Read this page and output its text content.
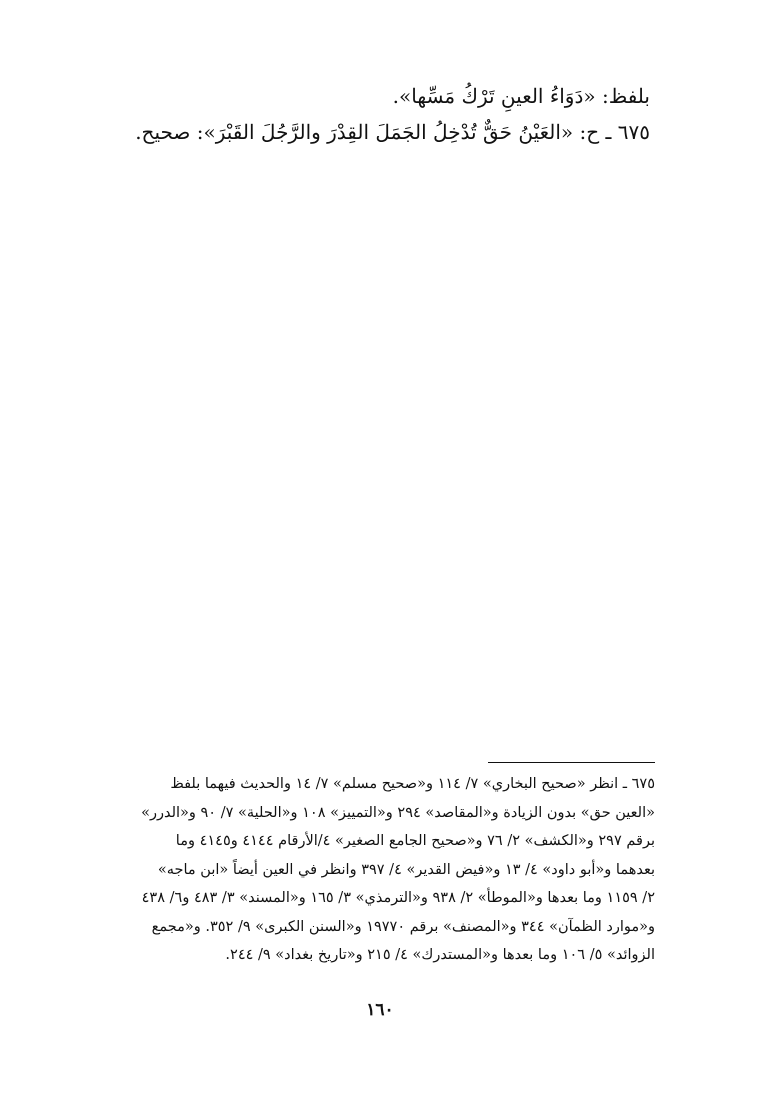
بلفظ: «دَوَاءُ العينِ تَرْكُ مَسِّها».
٦٧٥ ـ ح: «العَيْنُ حَقٌّ تُدْخِلُ الجَمَلَ القِدْرَ والرَّجُلَ القَبْرَ»: صحيح.
٦٧٥ ـ انظر «صحيح البخاري» ٧/ ١١٤ و«صحيح مسلم» ٧/ ١٤ والحديث فيهما بلفظ
«العين حق» بدون الزيادة و«المقاصد» ٢٩٤ و«التمييز» ١٠٨ و«الحلية» ٧/ ٩٠ و«الدرر»
برقم ٢٩٧ و«الكشف» ٢/ ٧٦ و«صحيح الجامع الصغير» ٤/الأرقام ٤١٤٤ و٤١٤٥ وما
بعدهما و«أبو داود» ٤/ ١٣ و«فيض القدير» ٤/ ٣٩٧ وانظر في العين أيضاً «ابن ماجه»
٢/ ١١٥٩ وما بعدها و«الموطأ» ٢/ ٩٣٨ و«الترمذي» ٣/ ١٦٥ و«المسند» ٣/ ٤٨٣ و٦/ ٤٣٨
و«موارد الظمآن» ٣٤٤ و«المصنف» برقم ١٩٧٧٠ و«السنن الكبرى» ٩/ ٣٥٢. و«مجمع
الزوائد» ٥/ ١٠٦ وما بعدها و«المستدرك» ٤/ ٢١٥ و«تاريخ بغداد» ٩/ ٢٤٤.
١٦٠
